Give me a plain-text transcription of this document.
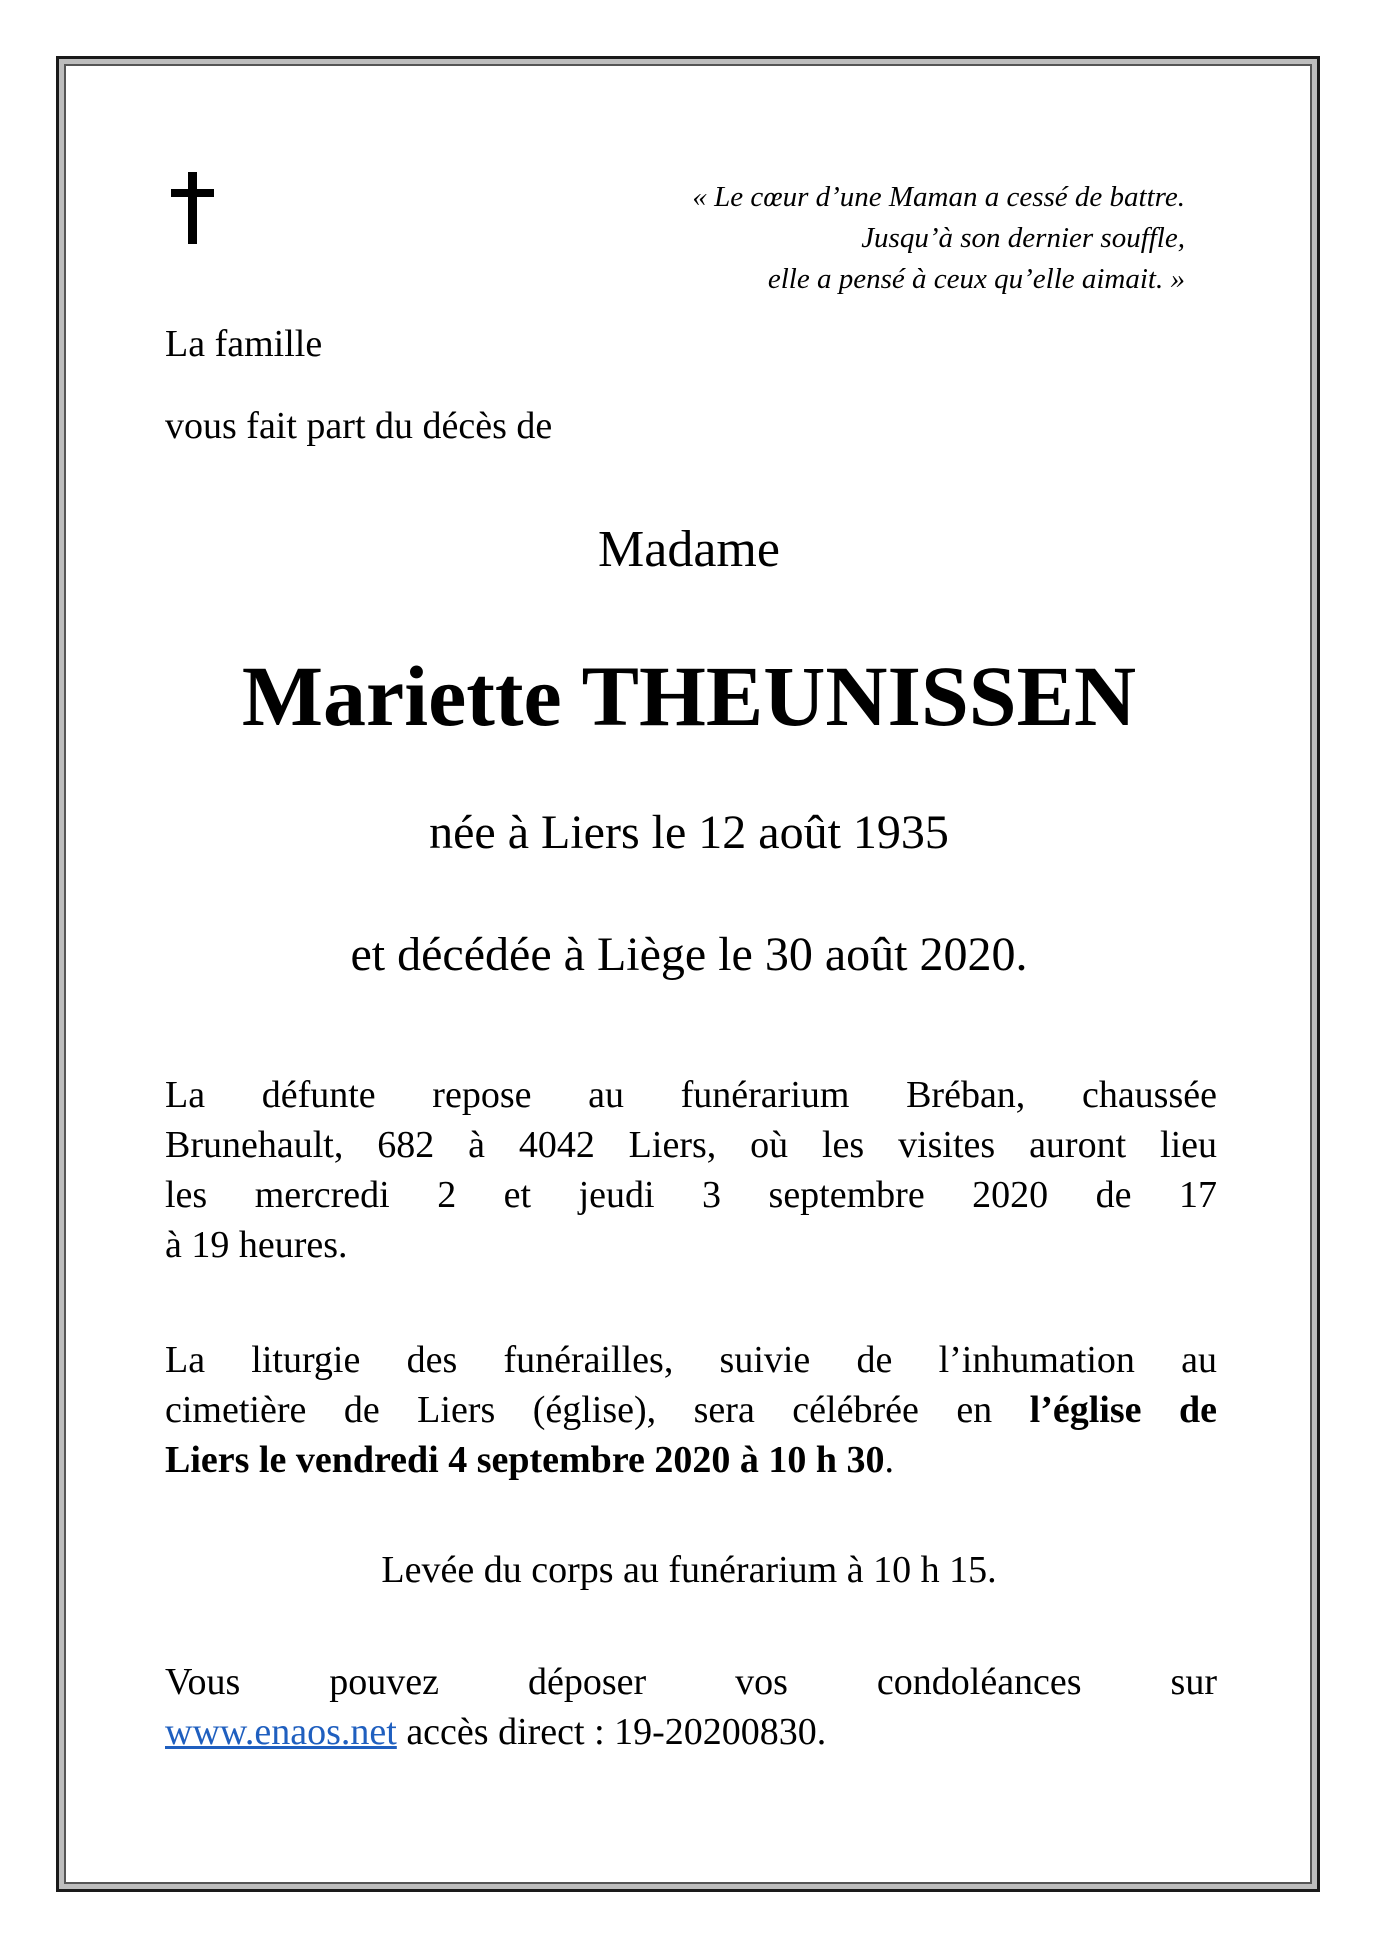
« Le cœur d’une Maman a cessé de battre.
Jusqu’à son dernier souffle,
elle a pensé à ceux qu’elle aimait. »
La famille
vous fait part du décès de
Madame
Mariette THEUNISSEN
née à Liers le 12 août 1935
et décédée à Liège le 30 août 2020.
La défunte repose au funérarium Bréban, chaussée
Brunehault, 682 à 4042 Liers, où les visites auront lieu
les mercredi 2 et jeudi 3 septembre 2020 de 17
à 19 heures.
La liturgie des funérailles, suivie de l’inhumation au
cimetière de Liers (église), sera célébrée en l’église de
Liers le vendredi 4 septembre 2020 à 10 h 30.
Levée du corps au funérarium à 10 h 15.
Vous pouvez déposer vos condoléances sur
www.enaos.net accès direct : 19-20200830.
